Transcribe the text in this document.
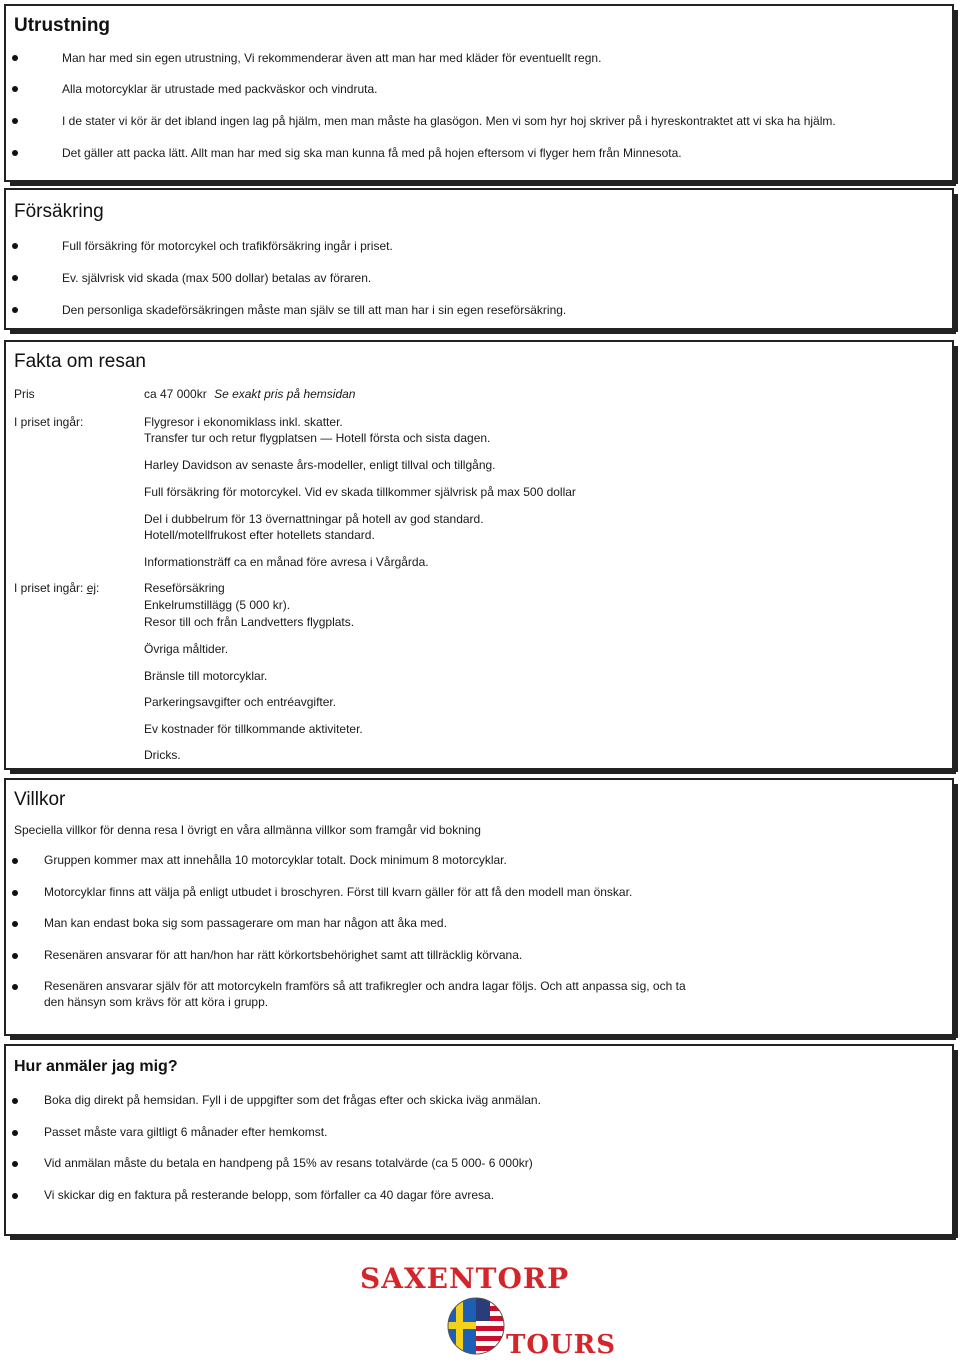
Utrustning
Man har med sin egen utrustning, Vi rekommenderar även att man har med kläder för eventuellt regn.
Alla motorcyklar är utrustade med packväskor och vindruta.
I de stater vi kör är det ibland ingen lag på hjälm, men man måste ha glasögon. Men vi som hyr hoj skriver på i hyreskontraktet att vi ska ha hjälm.
Det gäller att packa lätt. Allt man har med sig ska man kunna få med på hojen eftersom vi flyger hem från Minnesota.
Försäkring
Full försäkring för motorcykel och trafikförsäkring ingår i priset.
Ev. självrisk vid skada (max 500 dollar) betalas av föraren.
Den personliga skadeförsäkringen måste man själv se till att man har i sin egen reseförsäkring.
Fakta om resan
Pris	ca 47 000kr Se exakt pris på hemsidan
I priset ingår:	Flygresor i ekonomiklass inkl. skatter.
Transfer tur och retur flygplatsen — Hotell första och sista dagen.
Harley Davidson av senaste års-modeller, enligt tillval och tillgång.
Full försäkring för motorcykel. Vid ev skada tillkommer självrisk på max 500 dollar
Del i dubbelrum för 13 övernattningar på hotell av god standard.
Hotell/motellfrukost efter hotellets standard.
Informationsträff ca en månad före avresa i Vårgårda.
I priset ingår: ej:	Reseförsäkring
Enkelrumstillägg (5 000 kr).
Resor till och från Landvetters flygplats.
Övriga måltider.
Bränsle till motorcyklar.
Parkeringsavgifter och entréavgifter.
Ev kostnader för tillkommande aktiviteter.
Dricks.
Villkor
Speciella villkor för denna resa I övrigt en våra allmänna villkor som framgår vid bokning
Gruppen kommer max att innehålla 10 motorcyklar totalt. Dock minimum 8 motorcyklar.
Motorcyklar finns att välja på enligt utbudet i broschyren. Först till kvarn gäller för att få den modell man önskar.
Man kan endast boka sig som passagerare om man har någon att åka med.
Resenären ansvarar för att han/hon har rätt körkortsbehörighet samt att tillräcklig körvana.
Resenären ansvarar själv för att motorcykeln framförs så att trafikregler och andra lagar följs. Och att anpassa sig, och ta
den hänsyn som krävs för att köra i grupp.
Hur anmäler jag mig?
Boka dig direkt på hemsidan. Fyll i de uppgifter som det frågas efter och skicka iväg anmälan.
Passet måste vara giltligt 6 månader efter hemkomst.
Vid anmälan måste du betala en handpeng på 15% av resans totalvärde (ca 5 000- 6 000kr)
Vi skickar dig en faktura på resterande belopp, som förfaller ca 40 dagar före avresa.
SAXENTORP
TOURS
